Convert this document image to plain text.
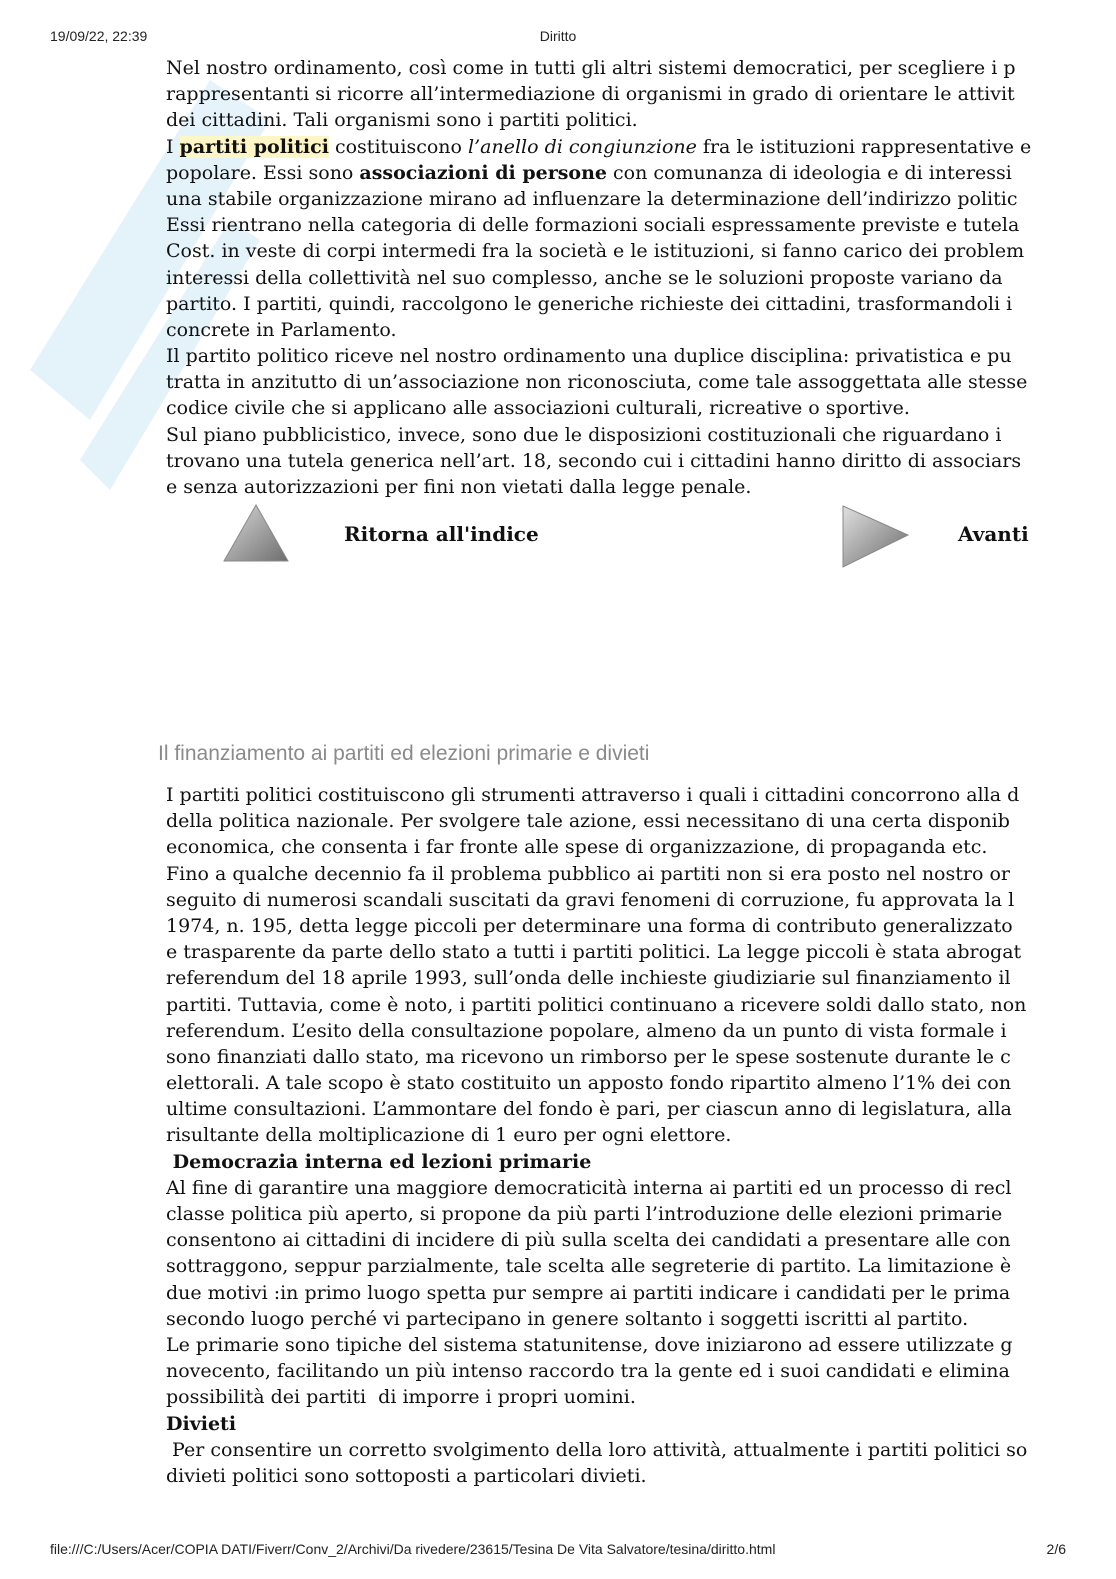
19/09/22, 22:39	Diritto
Nel nostro ordinamento, così come in tutti gli altri sistemi democratici, per scegliere i p
rappresentanti si ricorre all’intermediazione di organismi in grado di orientare le attivit
dei cittadini. Tali organismi sono i partiti politici.
I partiti politici costituiscono l’anello di congiunzione fra le istituzioni rappresentative e
popolare. Essi sono associazioni di persone con comunanza di ideologia e di interessi
una stabile organizzazione mirano ad influenzare la determinazione dell’indirizzo politic
Essi rientrano nella categoria di delle formazioni sociali espressamente previste e tutela
Cost. in veste di corpi intermedi fra la società e le istituzioni, si fanno carico dei problem
interessi della collettività nel suo complesso, anche se le soluzioni proposte variano da
partito. I partiti, quindi, raccolgono le generiche richieste dei cittadini, trasformandoli i
concrete in Parlamento.
Il partito politico riceve nel nostro ordinamento una duplice disciplina: privatistica e pu
tratta in anzitutto di un’associazione non riconosciuta, come tale assoggettata alle stesse
codice civile che si applicano alle associazioni culturali, ricreative o sportive.
Sul piano pubblicistico, invece, sono due le disposizioni costituzionali che riguardano i
trovano una tutela generica nell’art. 18, secondo cui i cittadini hanno diritto di associars
e senza autorizzazioni per fini non vietati dalla legge penale.
Ritorna all'indice	Avanti
Il finanziamento ai partiti ed elezioni primarie e divieti
I partiti politici costituiscono gli strumenti attraverso i quali i cittadini concorrono alla d
della politica nazionale. Per svolgere tale azione, essi necessitano di una certa disponib
economica, che consenta i far fronte alle spese di organizzazione, di propaganda etc.
Fino a qualche decennio fa il problema pubblico ai partiti non si era posto nel nostro or
seguito di numerosi scandali suscitati da gravi fenomeni di corruzione, fu approvata la l
1974, n. 195, detta legge piccoli per determinare una forma di contributo generalizzato
e trasparente da parte dello stato a tutti i partiti politici. La legge piccoli è stata abrogat
referendum del 18 aprile 1993, sull’onda delle inchieste giudiziarie sul finanziamento il
partiti. Tuttavia, come è noto, i partiti politici continuano a ricevere soldi dallo stato, non
referendum. L’esito della consultazione popolare, almeno da un punto di vista formale i
sono finanziati dallo stato, ma ricevono un rimborso per le spese sostenute durante le c
elettorali. A tale scopo è stato costituito un apposto fondo ripartito almeno l’1% dei con
ultime consultazioni. L’ammontare del fondo è pari, per ciascun anno di legislatura, alla
risultante della moltiplicazione di 1 euro per ogni elettore.
Democrazia interna ed lezioni primarie
Al fine di garantire una maggiore democraticità interna ai partiti ed un processo di recl
classe politica più aperto, si propone da più parti l’introduzione delle elezioni primarie
consentono ai cittadini di incidere di più sulla scelta dei candidati a presentare alle con
sottraggono, seppur parzialmente, tale scelta alle segreterie di partito. La limitazione è
due motivi :in primo luogo spetta pur sempre ai partiti indicare i candidati per le prima
secondo luogo perché vi partecipano in genere soltanto i soggetti iscritti al partito.
Le primarie sono tipiche del sistema statunitense, dove iniziarono ad essere utilizzate g
novecento, facilitando un più intenso raccordo tra la gente ed i suoi candidati e elimina
possibilità dei partiti  di imporre i propri uomini.
Divieti
Per consentire un corretto svolgimento della loro attività, attualmente i partiti politici so
divieti politici sono sottoposti a particolari divieti.
file:///C:/Users/Acer/COPIA DATI/Fiverr/Conv_2/Archivi/Da rivedere/23615/Tesina De Vita Salvatore/tesina/diritto.html	2/6
